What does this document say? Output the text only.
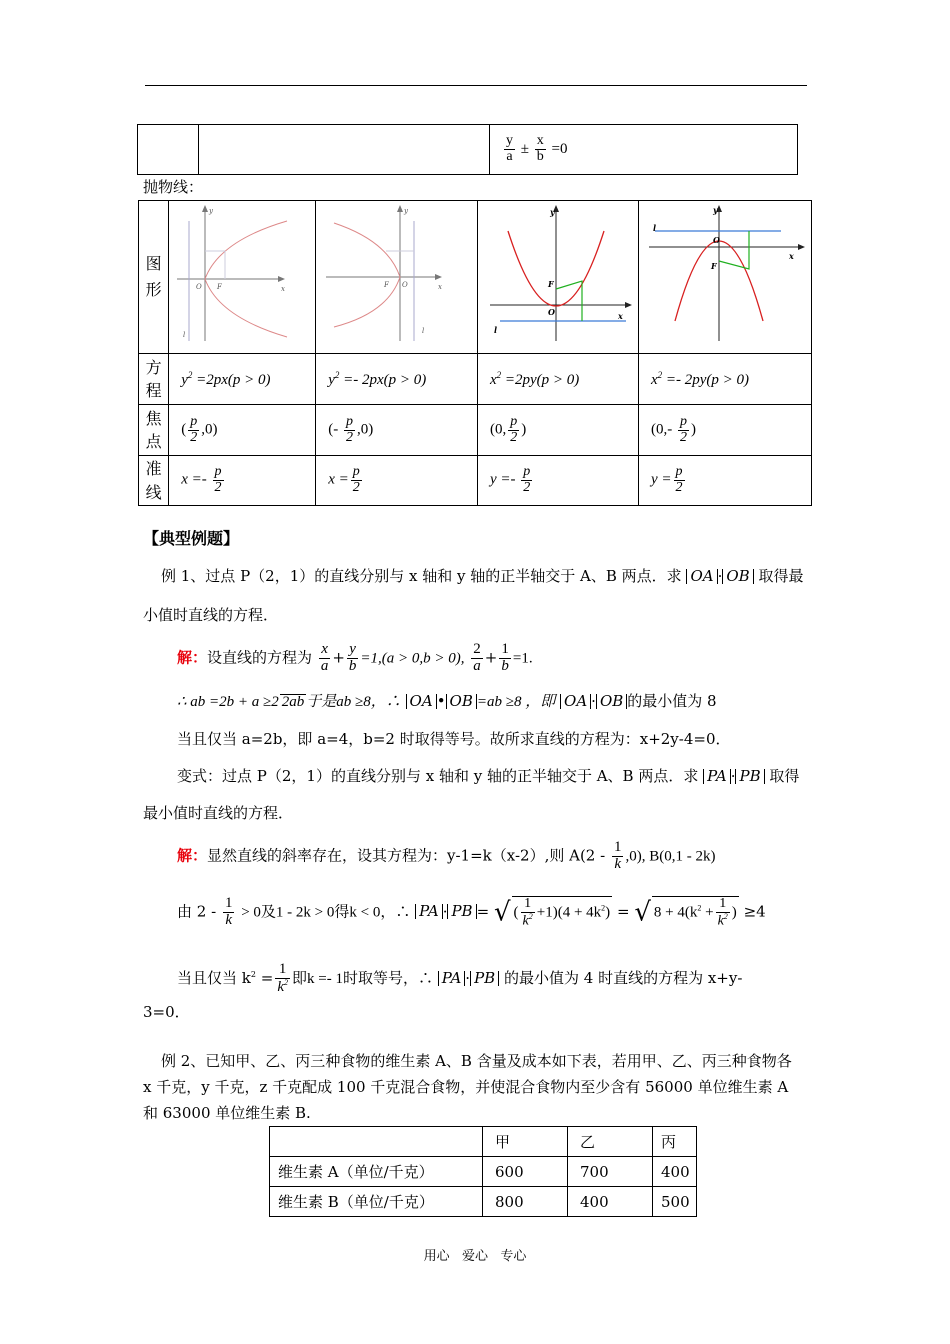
$\frac{y}{a} \pm \frac{x}{b} =0$
抛物线：
图
形	y
x
O F
l	y
x
O
F
l	y
x
O
F
l	y
x
O
F
l

方
程	$y^2 =2px(p > 0)$	$y^2 =- 2px(p > 0)$	$x^2 =2py(p > 0)$	$x^2 =- 2py(p > 0)$
焦
点	( $\frac{p}{2} ,0$)	(- $\frac{p}{2} ,0$)	(0, $\frac{p}{2}$ )	($0,- \frac{p}{2}$ )
准
线	$x =- \frac{p}{2}$	$x = \frac{p}{2}$	$y =- \frac{p}{2}$	$y = \frac{p}{2}$
【典型例题】
例 1、过点 P（2，1）的直线分别与 x 轴和 y 轴的正半轴交于 A、B 两点．求 OA · OB 取得最
小值时直线的方程．
解：设直线的方程为 $\frac{x}{a} + \frac{y}{b} =1,(a > 0,b > 0)$, $\frac{2}{a} + \frac{1}{b} =1$.
∴ ab =2b + a ≥2 2ab 于是ab ≥8，∴ OA • OB =ab ≥8 ，即 OA · OB 的最小值为 8
当且仅当 a=2b，即 a=4，b=2 时取得等号。故所求直线的方程为：x+2y-4=0．
变式：过点 P（2，1）的直线分别与 x 轴和 y 轴的正半轴交于 A、B 两点．求 PA · PB 取得
最小值时直线的方程．
解：显然直线的斜率存在，设其方程为：y-1=k（x-2）,则 $A(2 - \frac{1}{k} ,0)$, B(0,1 - 2k)
由 $2 - \frac{1}{k} > 0$及1 - 2k > 0得k < 0，∴ PA · PB = √ ( $\frac{1}{k^2} +1)(4 + 4k^2)$ = √ $8 + 4(k^2 + \frac{1}{k^2}$ ) ≥4
当且仅当 $k^2 = \frac{1}{k^2}$ 即k =- 1时取等号，∴ PA · PB 的最小值为 4 时直线的方程为 x+y-
3=0．
例 2、已知甲、乙、丙三种食物的维生素 A、B 含量及成本如下表，若用甲、乙、丙三种食物各
x 千克，y 千克，z 千克配成 100 千克混合食物，并使混合食物内至少含有 56000 单位维生素 A
和 63000 单位维生素 B.
	甲	乙	丙
维生素 A（单位/千克）	600	700	400
维生素 B（单位/千克）	800	400	500
用心   爱心   专心
